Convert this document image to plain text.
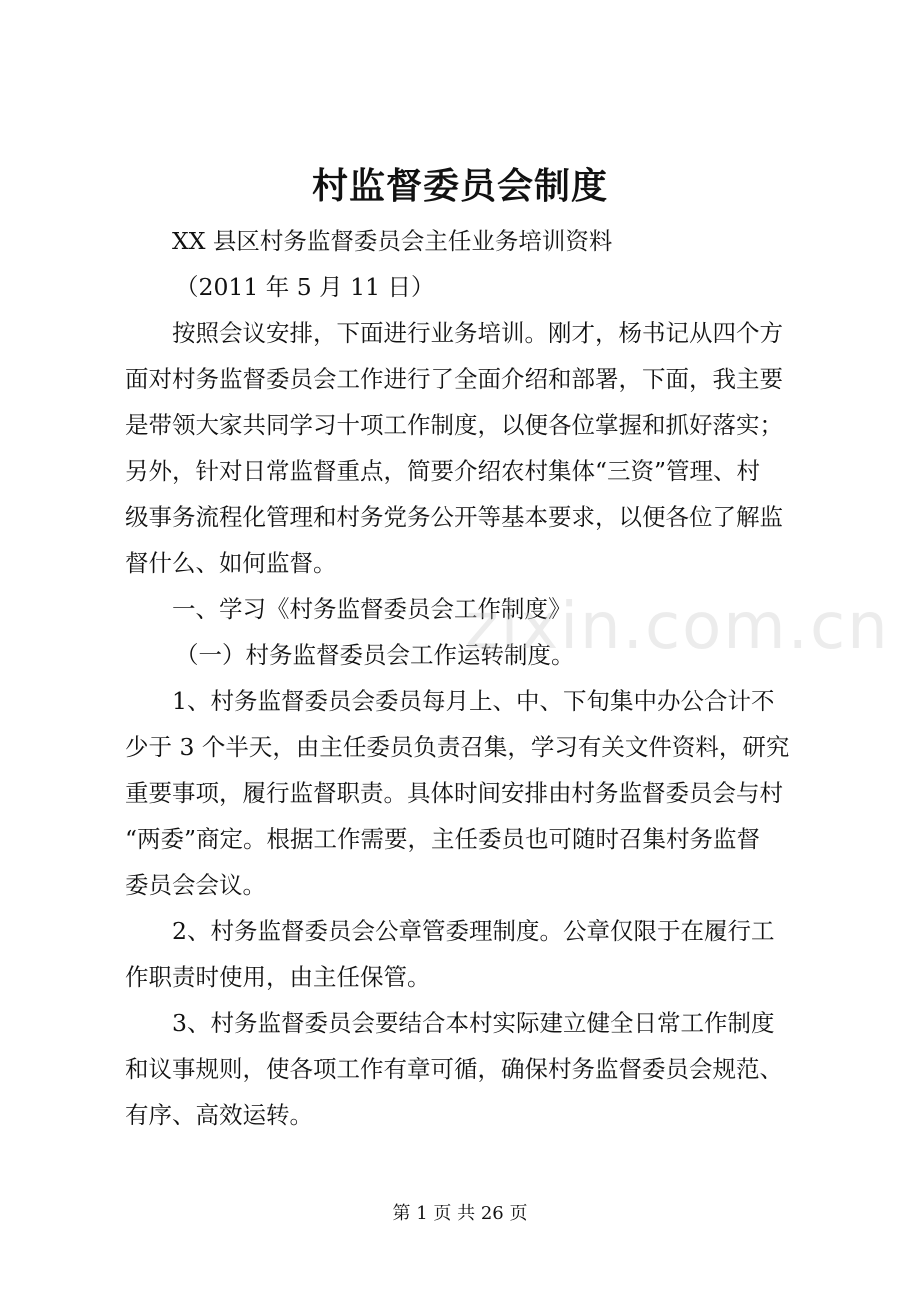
村监督委员会制度
XX 县区村务监督委员会主任业务培训资料
（2011 年 5 月 11 日）
按照会议安排，下面进行业务培训。刚才，杨书记从四个方
面对村务监督委员会工作进行了全面介绍和部署，下面，我主要
是带领大家共同学习十项工作制度，以便各位掌握和抓好落实；
另外，针对日常监督重点，简要介绍农村集体“三资”管理、村
级事务流程化管理和村务党务公开等基本要求，以便各位了解监
督什么、如何监督。
一、学习《村务监督委员会工作制度》
（一）村务监督委员会工作运转制度。
1、村务监督委员会委员每月上、中、下旬集中办公合计不
少于 3 个半天，由主任委员负责召集，学习有关文件资料，研究
重要事项，履行监督职责。具体时间安排由村务监督委员会与村
“两委”商定。根据工作需要，主任委员也可随时召集村务监督
委员会会议。
2、村务监督委员会公章管委理制度。公章仅限于在履行工
作职责时使用，由主任保管。
3、村务监督委员会要结合本村实际建立健全日常工作制度
和议事规则，使各项工作有章可循，确保村务监督委员会规范、
有序、高效运转。
zixin.com.cn
第 1 页 共 26 页
